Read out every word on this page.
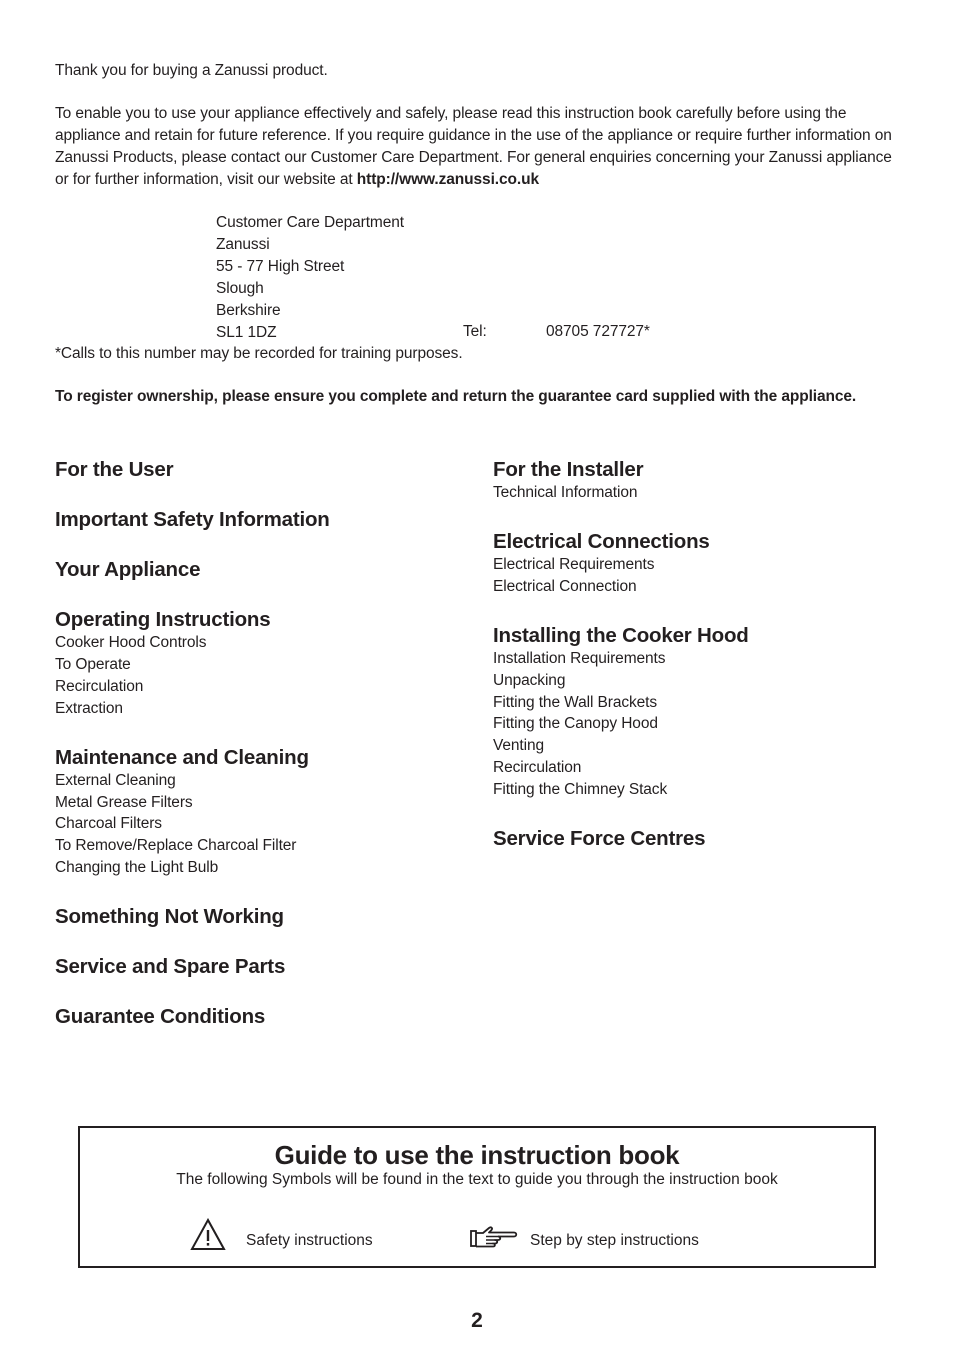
Thank you for buying a Zanussi product.
To enable you to use your appliance effectively and safely, please read this instruction book carefully before using the appliance and retain for future reference. If you require guidance in the use of the appliance or require further information on Zanussi Products, please contact our Customer Care Department. For general enquiries concerning your Zanussi appliance or for further information, visit our website at http://www.zanussi.co.uk
Customer Care Department
Zanussi
55 - 77 High Street
Slough
Berkshire
SL1 1DZ	Tel:	08705 727727*
*Calls to this number may be recorded for training purposes.
To register ownership, please ensure you complete and return the guarantee card supplied with the appliance.
For the User
Important Safety Information
Your Appliance
Operating Instructions
Cooker Hood Controls
To Operate
Recirculation
Extraction
Maintenance and Cleaning
External Cleaning
Metal Grease Filters
Charcoal Filters
To Remove/Replace Charcoal Filter
Changing the Light Bulb
Something Not Working
Service and Spare Parts
Guarantee Conditions
For the Installer
Technical Information
Electrical Connections
Electrical Requirements
Electrical Connection
Installing the Cooker Hood
Installation Requirements
Unpacking
Fitting the Wall Brackets
Fitting the Canopy Hood
Venting
Recirculation
Fitting the Chimney Stack
Service Force Centres
Guide to use the instruction book
The following Symbols will be found in the text to guide you through the instruction book
Safety instructions	Step by step instructions
2
